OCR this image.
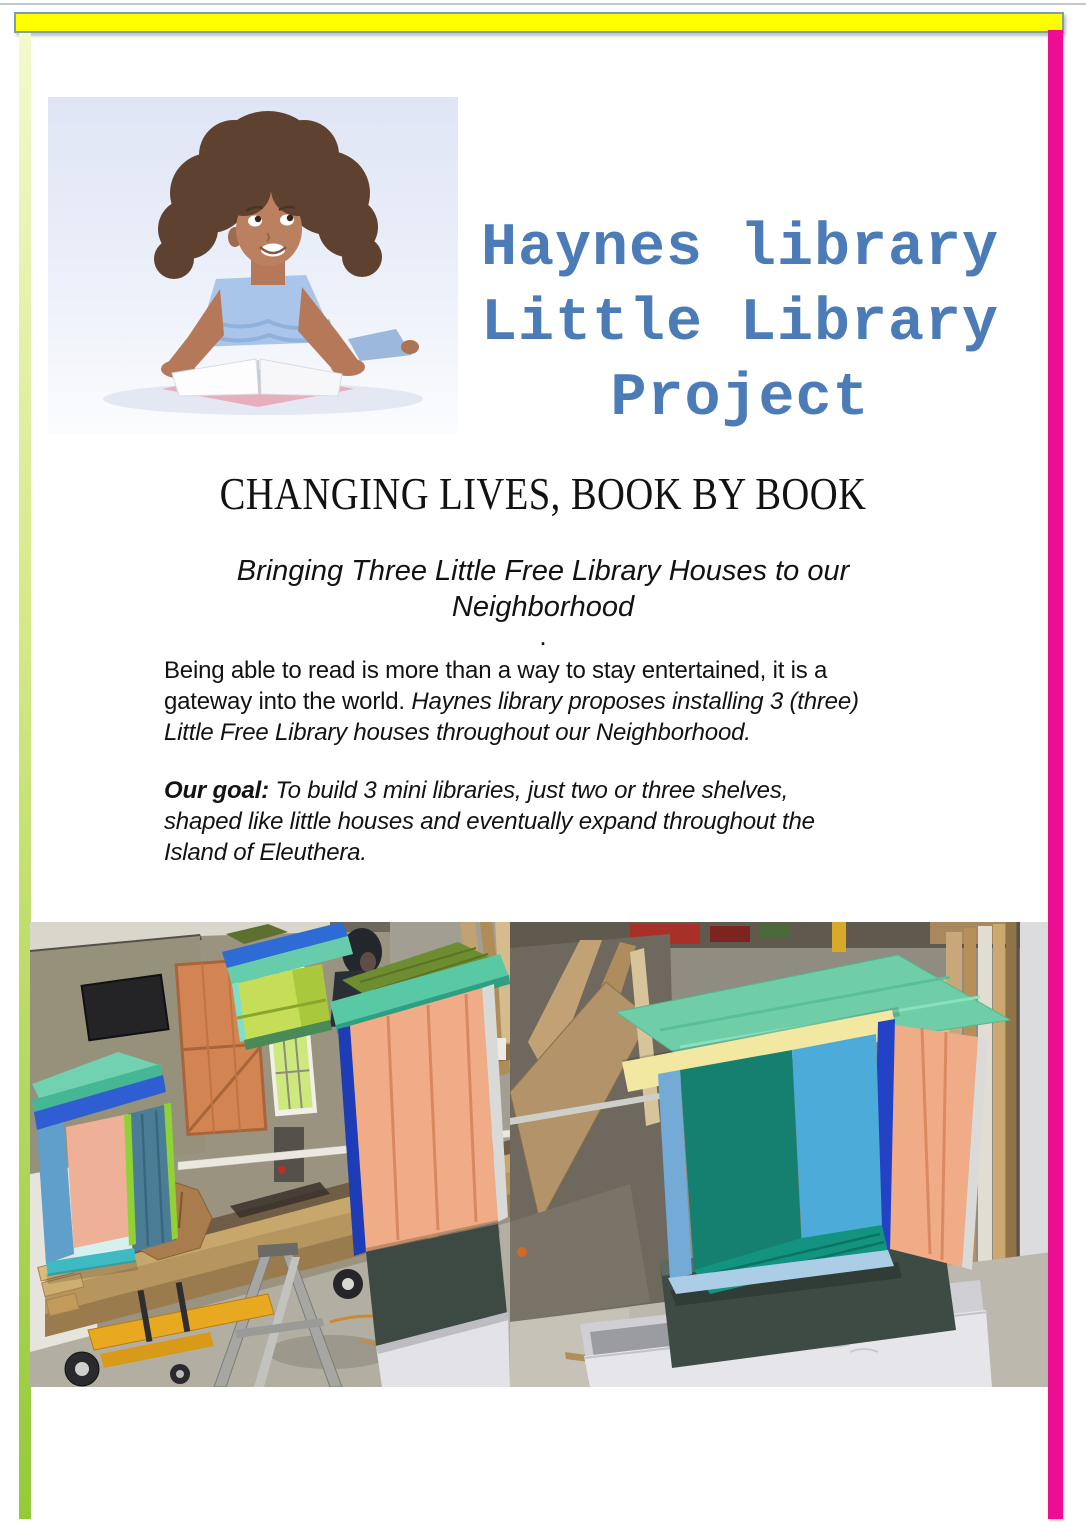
Haynes library
Little Library
Project
CHANGING LIVES, BOOK BY BOOK
Bringing Three Little Free Library Houses to our
Neighborhood
.
Being able to read is more than a way to stay entertained, it is a
gateway into the world. Haynes library proposes installing 3 (three)
Little Free Library houses throughout our Neighborhood.
Our goal: To build 3 mini libraries, just two or three shelves,
shaped like little houses and eventually expand throughout the
Island of Eleuthera.
